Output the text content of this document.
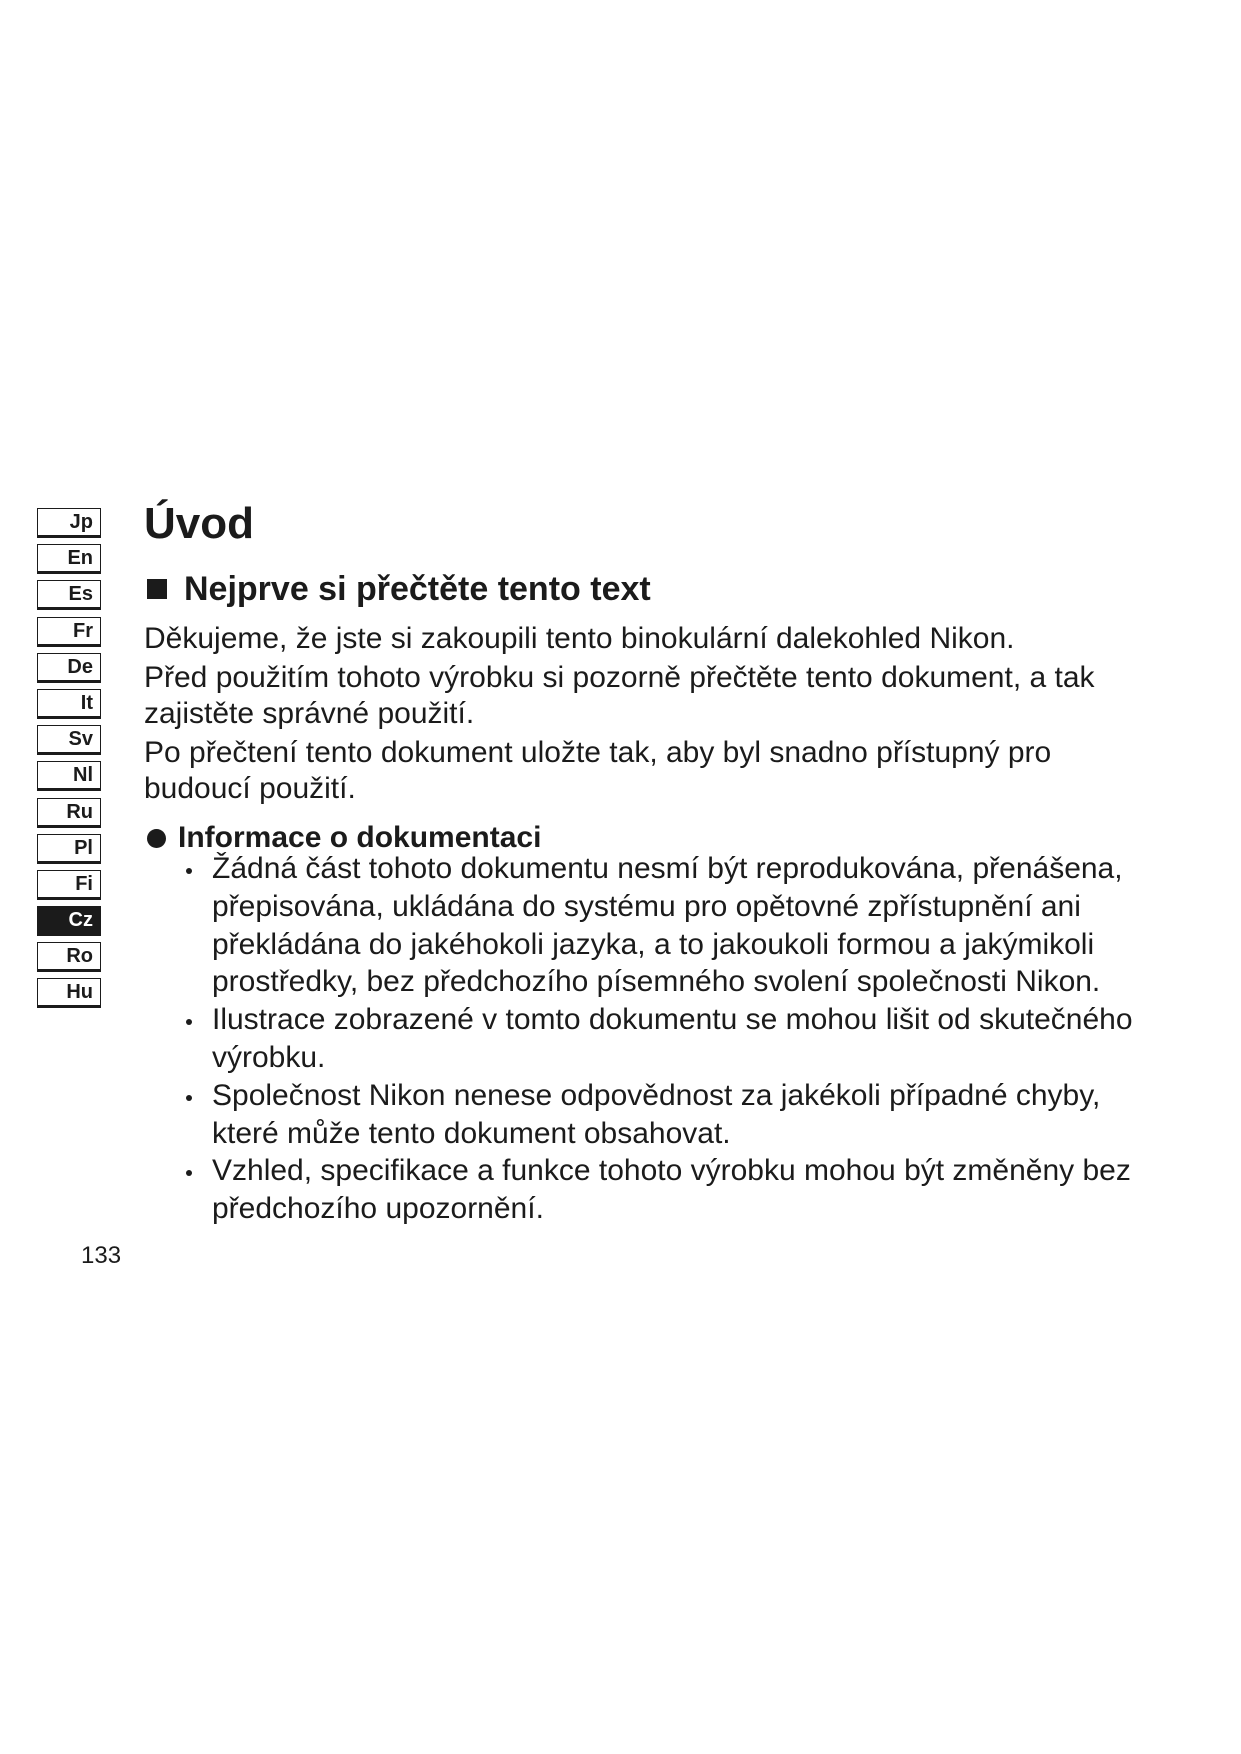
Jp
En
Es
Fr
De
It
Sv
Nl
Ru
Pl
Fi
Cz
Ro
Hu
Úvod
Nejprve si přečtěte tento text

Děkujeme, že jste si zakoupili tento binokulární dalekohled Nikon.

Před použitím tohoto výrobku si pozorně přečtěte tento dokument, a tak
zajistěte správné použití.

Po přečtení tento dokument uložte tak, aby byl snadno přístupný pro
budoucí použití.

Informace o dokumentaci
Žádná část tohoto dokumentu nesmí být reprodukována, přenášena,
přepisována, ukládána do systému pro opětovné zpřístupnění ani
překládána do jakéhokoli jazyka, a to jakoukoli formou a jakýmikoli
prostředky, bez předchozího písemného svolení společnosti Nikon.
Ilustrace zobrazené v tomto dokumentu se mohou lišit od skutečného
výrobku.
Společnost Nikon nenese odpovědnost za jakékoli případné chyby,
které může tento dokument obsahovat.
Vzhled, specifikace a funkce tohoto výrobku mohou být změněny bez
předchozího upozornění.
133
